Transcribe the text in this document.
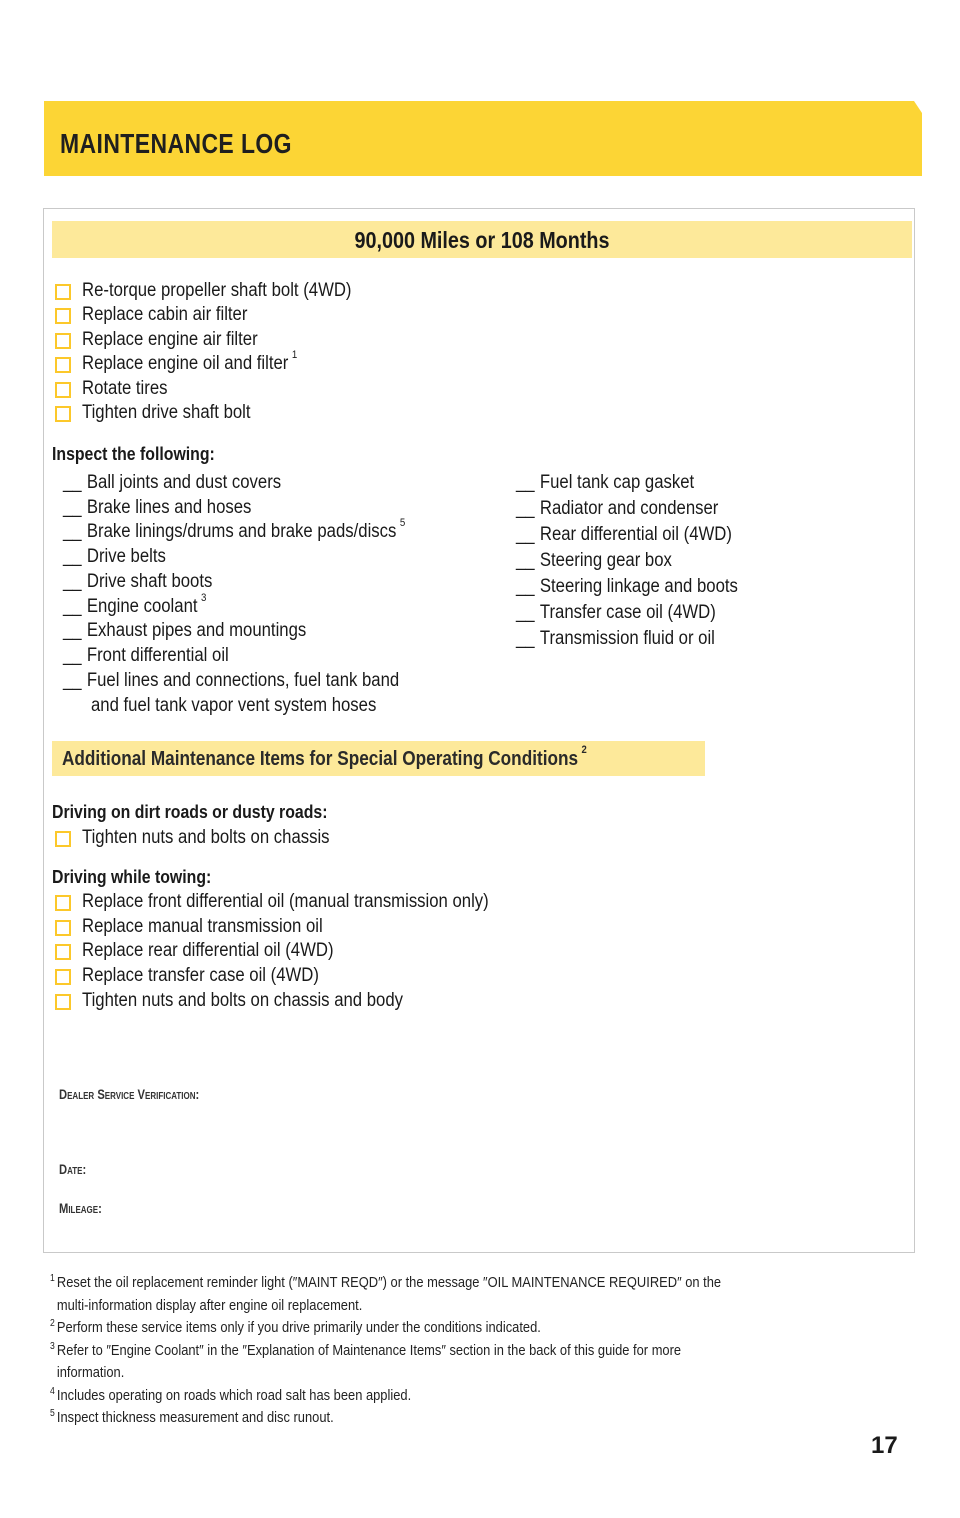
MAINTENANCE LOG
90,000 Miles or 108 Months
Re-torque propeller shaft bolt (4WD)
Replace cabin air filter
Replace engine air filter
Replace engine oil and filter $^1$
Rotate tires
Tighten drive shaft bolt
Inspect the following:
__ Ball joints and dust covers
__ Brake lines and hoses
__ Brake linings/drums and brake pads/discs $^5$
__ Drive belts
__ Drive shaft boots
__ Engine coolant $^3$
__ Exhaust pipes and mountings
__ Front differential oil
__ Fuel lines and connections, fuel tank band
and fuel tank vapor vent system hoses
__ Fuel tank cap gasket
__ Radiator and condenser
__ Rear differential oil (4WD)
__ Steering gear box
__ Steering linkage and boots
__ Transfer case oil (4WD)
__ Transmission fluid or oil
Additional Maintenance Items for Special Operating Conditions $^2$
Driving on dirt roads or dusty roads:
Tighten nuts and bolts on chassis
Driving while towing:
Replace front differential oil (manual transmission only)
Replace manual transmission oil
Replace rear differential oil (4WD)
Replace transfer case oil (4WD)
Tighten nuts and bolts on chassis and body
Dealer Service Verification:
Date:
Mileage:
1 Reset the oil replacement reminder light (″MAINT REQD″) or the message ″OIL MAINTENANCE REQUIRED″ on the
multi-information display after engine oil replacement.
2 Perform these service items only if you drive primarily under the conditions indicated.
3 Refer to ″Engine Coolant″ in the ″Explanation of Maintenance Items″ section in the back of this guide for more
information.
4 Includes operating on roads which road salt has been applied.
5 Inspect thickness measurement and disc runout.
17
